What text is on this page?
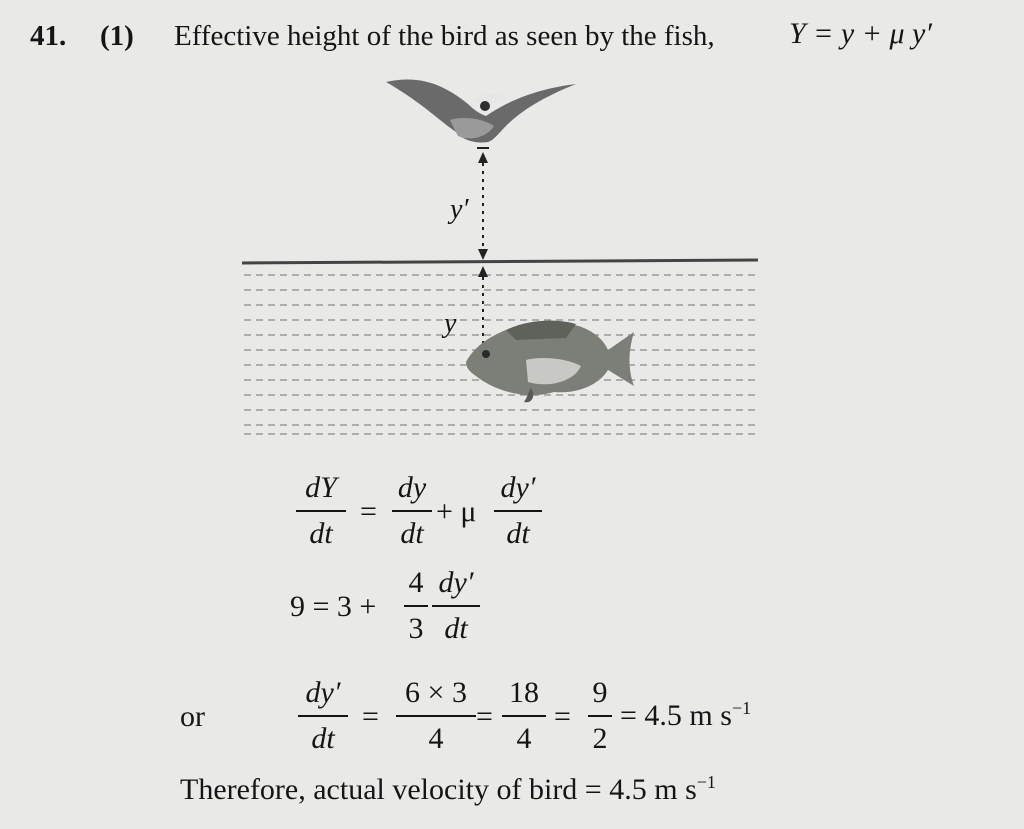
41. (1) Effective height of the bird as seen by the fish, Y = y + μ y′
y′
y
dY
dt
=
dy
dt
+ μ
dy′
dt
9 = 3 +
4
3
dy′
dt
or
dy′
dt
=
6 × 3
4
=
18
4
=
9
2
= 4.5 m $s^{-1}$
Therefore, actual velocity of bird = 4.5 m $s^{-1}$
